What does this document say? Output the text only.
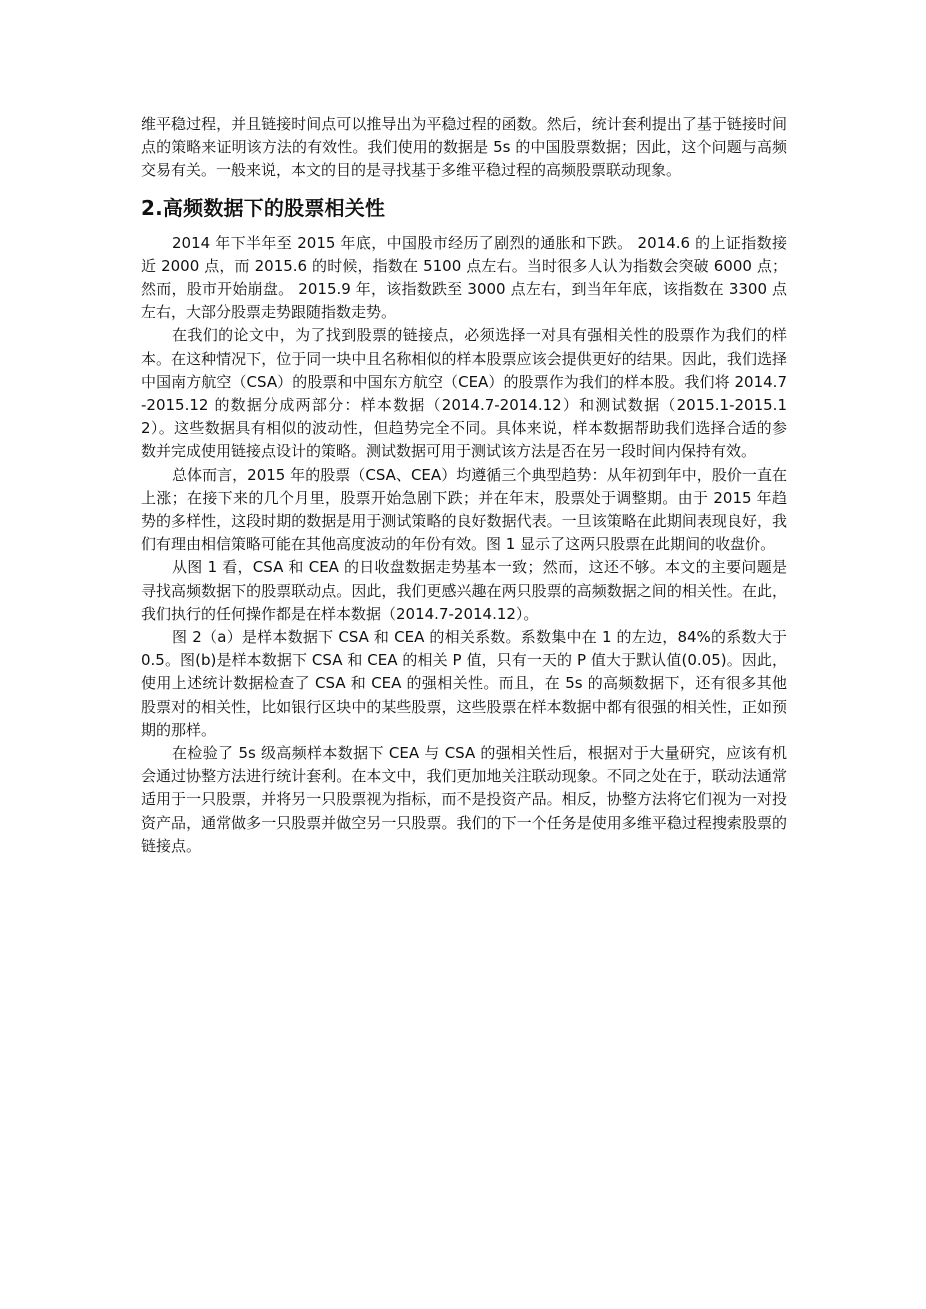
维平稳过程，并且链接时间点可以推导出为平稳过程的函数。然后，统计套利提出了基于链接时间点的策略来证明该方法的有效性。我们使用的数据是 5s 的中国股票数据；因此，这个问题与高频交易有关。一般来说，本文的目的是寻找基于多维平稳过程的高频股票联动现象。

2.高频数据下的股票相关性

2014 年下半年至 2015 年底，中国股市经历了剧烈的通胀和下跌。 2014.6 的上证指数接近 2000 点，而 2015.6 的时候，指数在 5100 点左右。当时很多人认为指数会突破 6000 点；然而，股市开始崩盘。 2015.9 年，该指数跌至 3000 点左右，到当年年底，该指数在 3300 点左右，大部分股票走势跟随指数走势。

在我们的论文中，为了找到股票的链接点，必须选择一对具有强相关性的股票作为我们的样本。在这种情况下，位于同一块中且名称相似的样本股票应该会提供更好的结果。因此，我们选择中国南方航空（CSA）的股票和中国东方航空（CEA）的股票作为我们的样本股。我们将 2014.7-2015.12 的数据分成两部分：样本数据（2014.7-2014.12）和测试数据（2015.1-2015.12）。这些数据具有相似的波动性，但趋势完全不同。具体来说，样本数据帮助我们选择合适的参数并完成使用链接点设计的策略。测试数据可用于测试该方法是否在另一段时间内保持有效。

总体而言，2015 年的股票（CSA、CEA）均遵循三个典型趋势：从年初到年中，股价一直在上涨；在接下来的几个月里，股票开始急剧下跌；并在年末，股票处于调整期。由于 2015 年趋势的多样性，这段时期的数据是用于测试策略的良好数据代表。一旦该策略在此期间表现良好，我们有理由相信策略可能在其他高度波动的年份有效。图 1 显示了这两只股票在此期间的收盘价。

从图 1 看，CSA 和 CEA 的日收盘数据走势基本一致；然而，这还不够。本文的主要问题是寻找高频数据下的股票联动点。因此，我们更感兴趣在两只股票的高频数据之间的相关性。在此，我们执行的任何操作都是在样本数据（2014.7-2014.12）。

图 2（a）是样本数据下 CSA 和 CEA 的相关系数。系数集中在 1 的左边，84%的系数大于 0.5。图(b)是样本数据下 CSA 和 CEA 的相关 P 值，只有一天的 P 值大于默认值(0.05)。因此，使用上述统计数据检查了 CSA 和 CEA 的强相关性。而且，在 5s 的高频数据下，还有很多其他股票对的相关性，比如银行区块中的某些股票，这些股票在样本数据中都有很强的相关性，正如预期的那样。

在检验了 5s 级高频样本数据下 CEA 与 CSA 的强相关性后，根据对于大量研究，应该有机会通过协整方法进行统计套利。在本文中，我们更加地关注联动现象。不同之处在于，联动法通常适用于一只股票，并将另一只股票视为指标，而不是投资产品。相反，协整方法将它们视为一对投资产品，通常做多一只股票并做空另一只股票。我们的下一个任务是使用多维平稳过程搜索股票的链接点。
